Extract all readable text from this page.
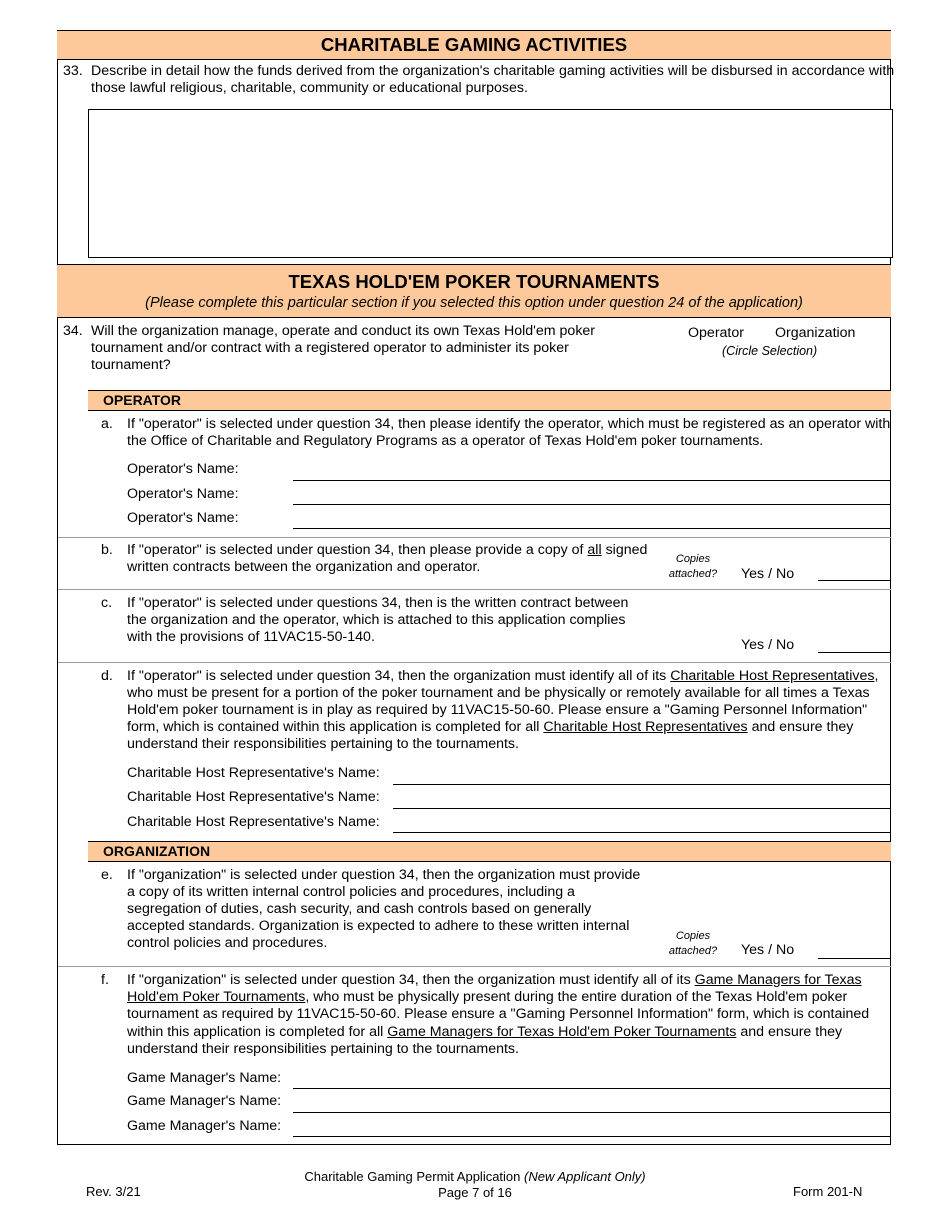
CHARITABLE GAMING ACTIVITIES
33. Describe in detail how the funds derived from the organization's charitable gaming activities will be disbursed in accordance with
those lawful religious, charitable, community or educational purposes.
TEXAS HOLD'EM POKER TOURNAMENTS
(Please complete this particular section if you selected this option under question 24 of the application)
34. Will the organization manage, operate and conduct its own Texas Hold'em poker
tournament and/or contract with a registered operator to administer its poker
tournament?
Operator Organization
(Circle Selection)
OPERATOR
a. If "operator" is selected under question 34, then please identify the operator, which must be registered as an operator with
the Office of Charitable and Regulatory Programs as a operator of Texas Hold'em poker tournaments.
Operator's Name:
Operator's Name:
Operator's Name:
b. If "operator" is selected under question 34, then please provide a copy of all signed
written contracts between the organization and operator.	Copies
attached?	Yes / No
c. If "operator" is selected under questions 34, then is the written contract between
the organization and the operator, which is attached to this application complies
with the provisions of 11VAC15-50-140.	Yes / No
d. If "operator" is selected under question 34, then the organization must identify all of its Charitable Host Representatives,
who must be present for a portion of the poker tournament and be physically or remotely available for all times a Texas
Hold'em poker tournament is in play as required by 11VAC15-50-60. Please ensure a "Gaming Personnel Information"
form, which is contained within this application is completed for all Charitable Host Representatives and ensure they
understand their responsibilities pertaining to the tournaments.
Charitable Host Representative's Name:
Charitable Host Representative's Name:
Charitable Host Representative's Name:
ORGANIZATION
e. If "organization" is selected under question 34, then the organization must provide
a copy of its written internal control policies and procedures, including a
segregation of duties, cash security, and cash controls based on generally
accepted standards. Organization is expected to adhere to these written internal
control policies and procedures.	Copies
attached?	Yes / No
f. If "organization" is selected under question 34, then the organization must identify all of its Game Managers for Texas
Hold'em Poker Tournaments, who must be physically present during the entire duration of the Texas Hold'em poker
tournament as required by 11VAC15-50-60. Please ensure a "Gaming Personnel Information" form, which is contained
within this application is completed for all Game Managers for Texas Hold'em Poker Tournaments and ensure they
understand their responsibilities pertaining to the tournaments.
Game Manager's Name:
Game Manager's Name:
Game Manager's Name:
Rev. 3/21
Charitable Gaming Permit Application (New Applicant Only)
Page 7 of 16	Form 201-N
